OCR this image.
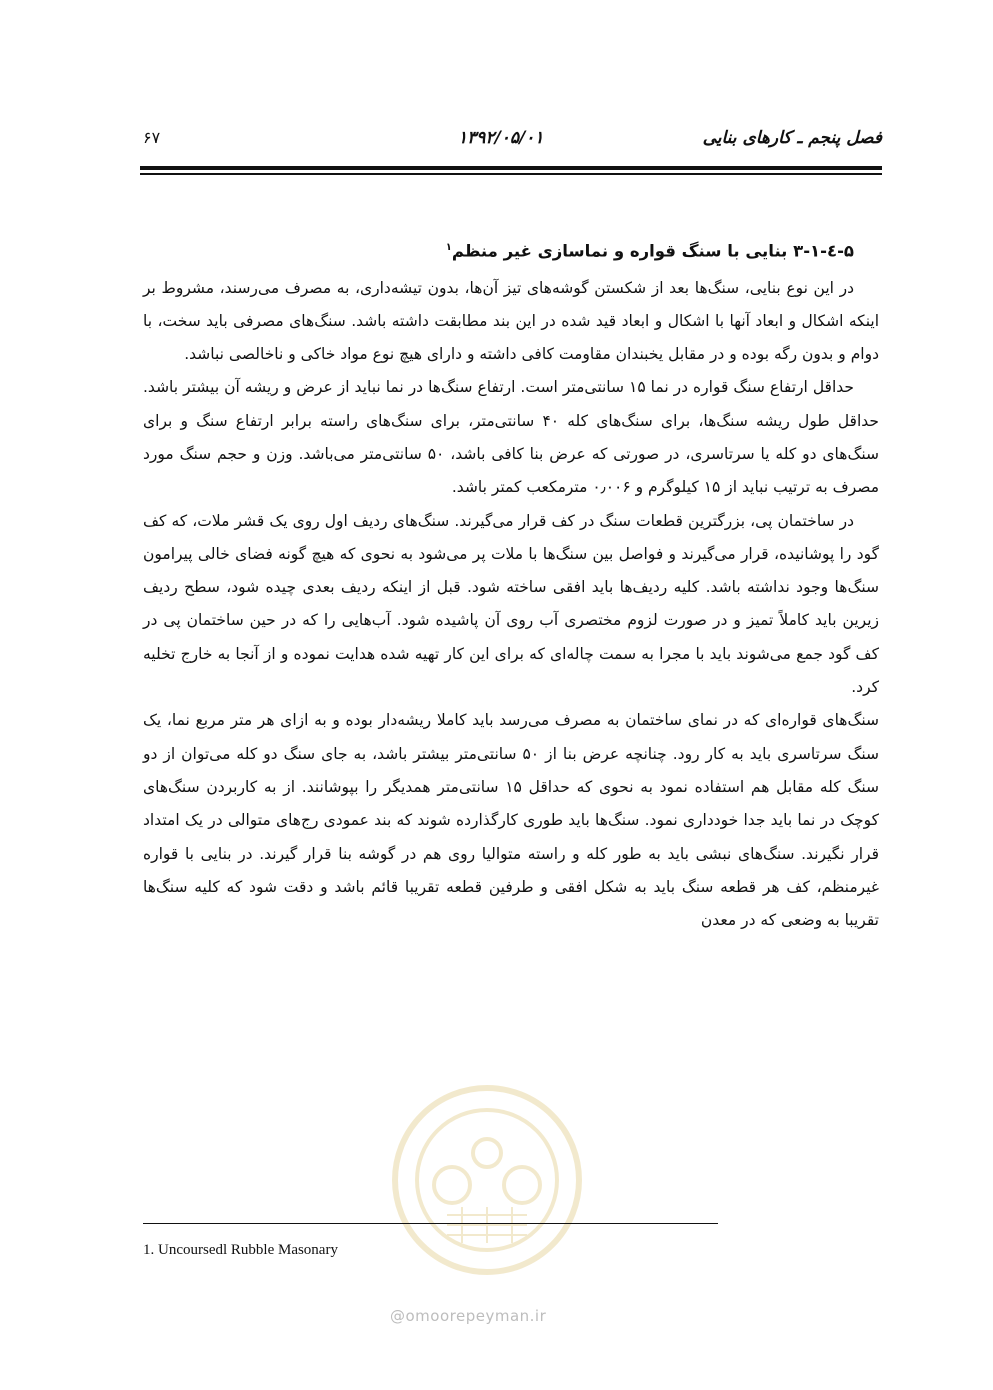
فصل پنجم ـ کارهای بنایی
۱۳۹۲/۰۵/۰۱
۶۷
۵-٤-۳-۱ بنایی با سنگ قواره و نماسازی غیر منظم$^۱$

در این نوع بنایی، سنگ‌ها بعد از شکستن گوشه‌های تیز آن‌ها، بدون تیشه‌داری، به مصرف می‌رسند، مشروط بر اینکه اشکال و ابعاد آنها با اشکال و ابعاد قید شده در این بند مطابقت داشته باشد. سنگ‌های مصرفی باید سخت، با دوام و بدون رگه بوده و در مقابل یخبندان مقاومت کافی داشته و دارای هیچ نوع مواد خاکی و ناخالصی نباشد.

حداقل ارتفاع سنگ قواره در نما ۱۵ سانتی‌متر است. ارتفاع سنگ‌ها در نما نباید از عرض و ریشه آن بیشتر باشد. حداقل طول ریشه سنگ‌ها، برای سنگ‌های کله ۴۰ سانتی‌متر، برای سنگ‌های راسته برابر ارتفاع سنگ و برای سنگ‌های دو کله یا سرتاسری، در صورتی که عرض بنا کافی باشد، ۵۰ سانتی‌متر می‌باشد. وزن و حجم سنگ مورد مصرف به ترتیب نباید از ۱۵ کیلوگرم و ۰٫۰۰۶ مترمکعب کمتر باشد.

در ساختمان پی، بزرگترین قطعات سنگ در کف قرار می‌گیرند. سنگ‌های ردیف اول روی یک قشر ملات، که کف گود را پوشانیده، قرار می‌گیرند و فواصل بین سنگ‌ها با ملات پر می‌شود به نحوی که هیچ گونه فضای خالی پیرامون سنگ‌ها وجود نداشته باشد. کلیه ردیف‌ها باید افقی ساخته شود. قبل از اینکه ردیف بعدی چیده شود، سطح ردیف زیرین باید کاملاً تمیز و در صورت لزوم مختصری آب روی آن پاشیده شود. آب‌هایی را که در حین ساختمان پی در کف گود جمع می‌شوند باید با مجرا به سمت چاله‌ای که برای این کار تهیه شده هدایت نموده و از آنجا به خارج تخلیه کرد.

سنگ‌های قواره‌ای که در نمای ساختمان به مصرف می‌رسد باید کاملا ریشه‌دار بوده و به ازای هر متر مربع نما، یک سنگ سرتاسری باید به کار رود. چنانچه عرض بنا از ۵۰ سانتی‌متر بیشتر باشد، به جای سنگ دو کله می‌توان از دو سنگ کله مقابل هم استفاده نمود به نحوی که حداقل ۱۵ سانتی‌متر همدیگر را بپوشانند. از به کاربردن سنگ‌های کوچک در نما باید جدا خودداری نمود. سنگ‌ها باید طوری کارگذارده شوند که بند عمودی رج‌های متوالی در یک امتداد قرار نگیرند. سنگ‌های نبشی باید به طور کله و راسته متوالیا روی هم در گوشه بنا قرار گیرند. در بنایی با قواره غیرمنظم، کف هر قطعه سنگ باید به شکل افقی و طرفین قطعه تقریبا قائم باشد و دقت شود که کلیه سنگ‌ها تقریبا به وضعی که در معدن

@omoorepeyman.ir
1. Uncoursedl Rubble Masonary
